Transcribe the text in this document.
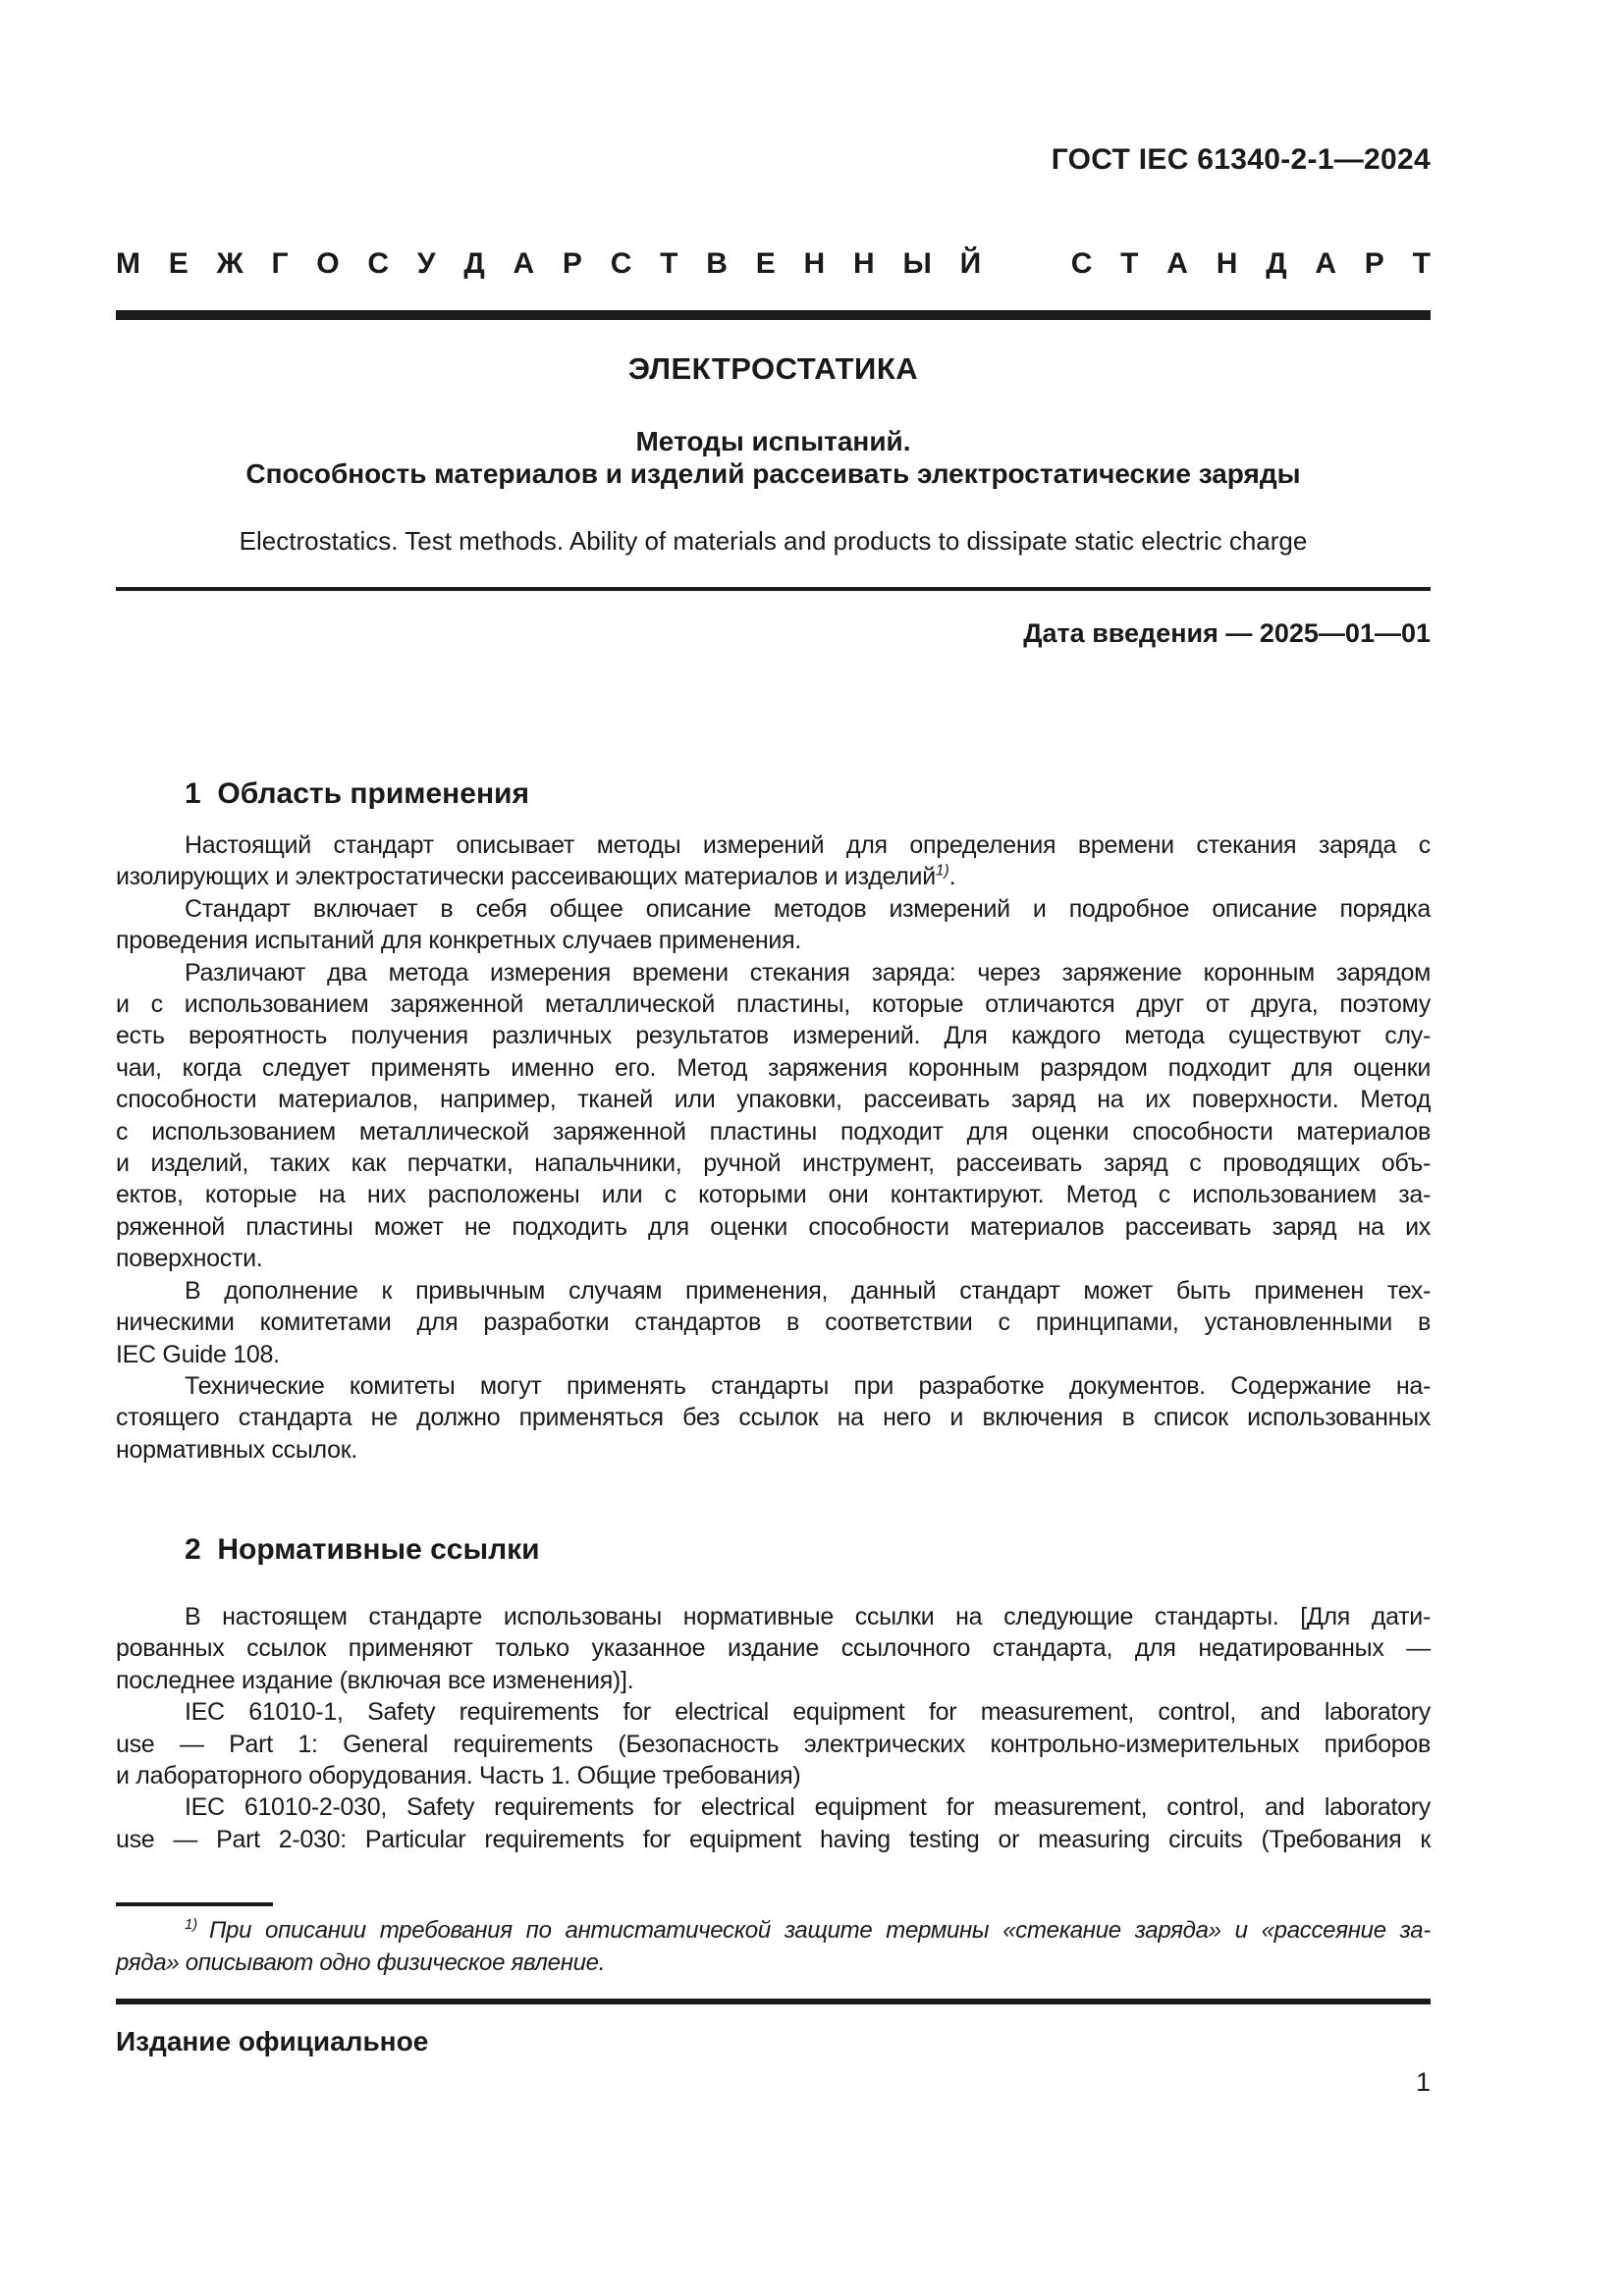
ГОСТ IEC 61340-2-1—2024
М Е Ж Г О С У Д А Р С Т В Е Н Н Ы Й
	С Т А Н Д А Р Т
ЭЛЕКТРОСТАТИКА
Методы испытаний.
Способность материалов и изделий рассеивать электростатические заряды
Electrostatics. Test methods. Ability of materials and products to dissipate static electric charge
Дата введения — 2025—01—01
1  Область применения
Настоящий стандарт описывает методы измерений для определения времени стекания заряда с
изолирующих и электростатически рассеивающих материалов и изделий$^{1)}$.
Стандарт включает в себя общее описание методов измерений и подробное описание порядка
проведения испытаний для конкретных случаев применения.
Различают два метода измерения времени стекания заряда: через заряжение коронным зарядом
и с использованием заряженной металлической пластины, которые отличаются друг от друга, поэтому
есть вероятность получения различных результатов измерений. Для каждого метода существуют слу-
чаи, когда следует применять именно его. Метод заряжения коронным разрядом подходит для оценки
способности материалов, например, тканей или упаковки, рассеивать заряд на их поверхности. Метод
с использованием металлической заряженной пластины подходит для оценки способности материалов
и изделий, таких как перчатки, напальчники, ручной инструмент, рассеивать заряд с проводящих объ-
ектов, которые на них расположены или с которыми они контактируют. Метод с использованием за-
ряженной пластины может не подходить для оценки способности материалов рассеивать заряд на их
поверхности.
В дополнение к привычным случаям применения, данный стандарт может быть применен тех-
ническими комитетами для разработки стандартов в соответствии с принципами, установленными в
IEC Guide 108.
Технические комитеты могут применять стандарты при разработке документов. Содержание на-
стоящего стандарта не должно применяться без ссылок на него и включения в список использованных
нормативных ссылок.
2  Нормативные ссылки
В настоящем стандарте использованы нормативные ссылки на следующие стандарты. [Для дати-
рованных ссылок применяют только указанное издание ссылочного стандарта, для недатированных —
последнее издание (включая все изменения)].
IEC 61010-1, Safety requirements for electrical equipment for measurement, control, and laboratory
use — Part 1: General requirements (Безопасность электрических контрольно-измерительных приборов
и лабораторного оборудования. Часть 1. Общие требования)
IEC 61010-2-030, Safety requirements for electrical equipment for measurement, control, and laboratory
use — Part 2-030: Particular requirements for equipment having testing or measuring circuits (Требования к
$^{1)}$ При описании требования по антистатической защите термины «стекание заряда» и «рассеяние за-
ряда» описывают одно физическое явление.
Издание официальное
1
